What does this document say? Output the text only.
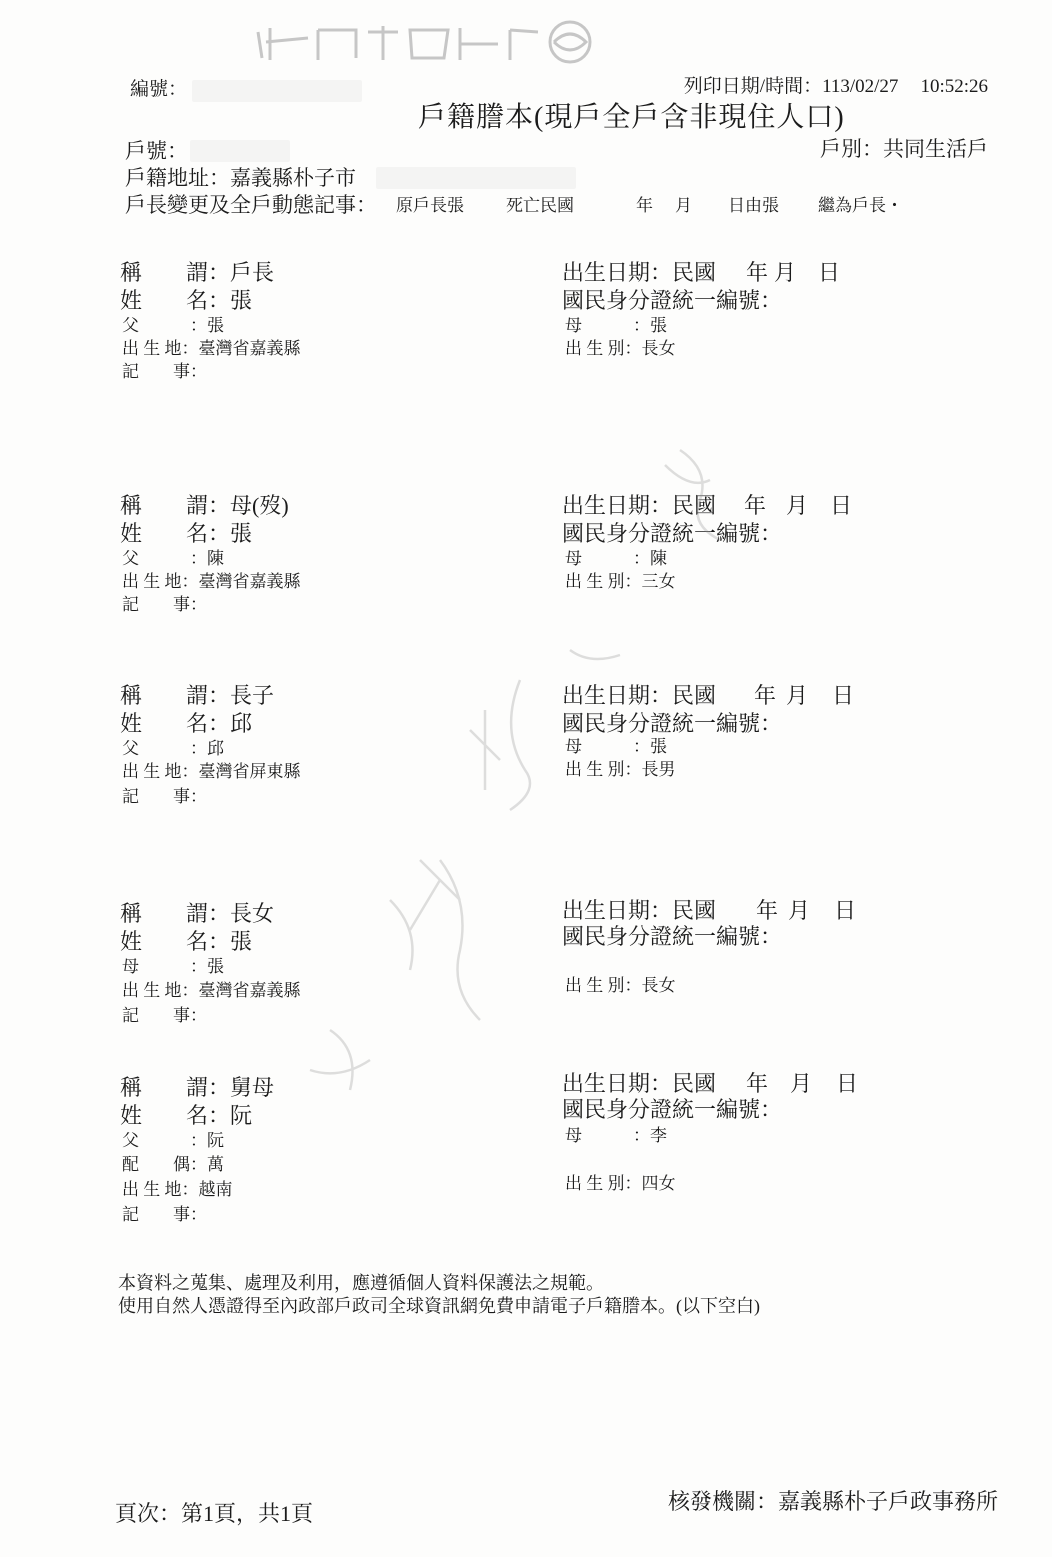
編號：	列印日期/時間：113/02/27 10:52:26
戶籍謄本(現戶全戶含非現住人口)
戶號：	戶別：共同生活戶
戶籍地址：嘉義縣朴子市
戶長變更及全戶動態記事： 原戶長張 死亡民國	年 月 日由張 繼為戶長・
稱　　謂：戶長
姓　　名：張
父　　　：張
出 生 地：臺灣省嘉義縣
記　　事：
出生日期：民國 年 月 日
國民身分證統一編號：
母　　　：張
出 生 別：長女
稱　　謂：母(歿)
姓　　名：張
父　　　：陳
出 生 地：臺灣省嘉義縣
記　　事：
出生日期：民國 年 月 日
國民身分證統一編號：
母　　　：陳
出 生 別：三女
稱　　謂：長子
姓　　名：邱
父　　　：邱
出 生 地：臺灣省屏東縣
記　　事：
出生日期：民國 年 月 日
國民身分證統一編號：
母　　　：張
出 生 別：長男
稱　　謂：長女
姓　　名：張
母　　　：張
出 生 地：臺灣省嘉義縣
記　　事：
出生日期：民國 年 月 日
國民身分證統一編號：
出 生 別：長女
稱　　謂：舅母
姓　　名：阮
父　　　：阮
配　　偶：萬
出 生 地：越南
記　　事：
出生日期：民國 年 月 日
國民身分證統一編號：
母　　　：李
出 生 別：四女
本資料之蒐集、處理及利用，應遵循個人資料保護法之規範。
使用自然人憑證得至內政部戶政司全球資訊網免費申請電子戶籍謄本。(以下空白)
頁次：第1頁，共1頁	核發機關：嘉義縣朴子戶政事務所
